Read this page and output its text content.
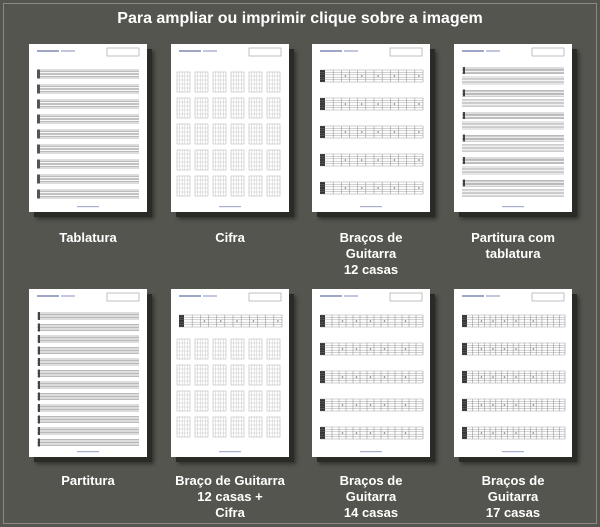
Para ampliar ou imprimir clique sobre a imagem
Tablatura	Cifra	Braços de
Guitarra
12 casas
Partitura com
tablatura
Partitura	Braço de Guitarra
12 casas +
Cifra
Braços de
Guitarra
14 casas
Braços de
Guitarra
17 casas
